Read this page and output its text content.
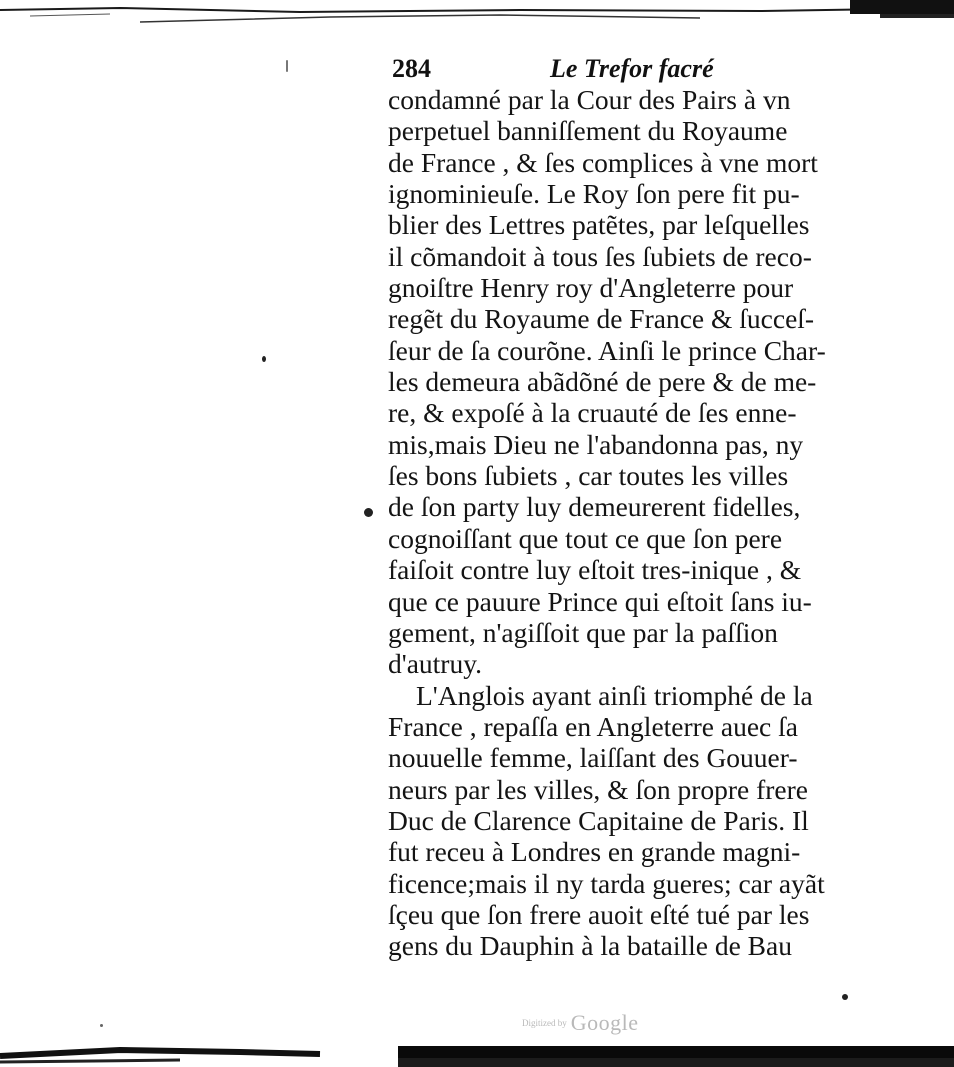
284	Le Trefor facré
condamné par la Cour des Pairs à vn
perpetuel banniſſement du Royaume
de France , & ſes complices à vne mort
ignominieuſe. Le Roy ſon pere fit pu-
blier des Lettres patẽtes, par leſquelles
il cõmandoit à tous ſes ſubiets de reco-
gnoiſtre Henry roy d'Angleterre pour
regẽt du Royaume de France & ſucceſ-
ſeur de ſa courõne. Ainſi le prince Char-
les demeura abãdõné de pere & de me-
re, & expoſé à la cruauté de ſes enne-
mis,mais Dieu ne l'abandonna pas, ny
ſes bons ſubiets , car toutes les villes
de ſon party luy demeurerent fidelles,
cognoiſſant que tout ce que ſon pere
faiſoit contre luy eſtoit tres-inique , &
que ce pauure Prince qui eſtoit ſans iu-
gement, n'agiſſoit que par la paſſion
d'autruy.
L'Anglois ayant ainſi triomphé de la
France , repaſſa en Angleterre auec ſa
nouuelle femme, laiſſant des Gouuer-
neurs par les villes, & ſon propre frere
Duc de Clarence Capitaine de Paris. Il
fut receu à Londres en grande magni-
ficence;mais il ny tarda gueres; car ayãt
ſçeu que ſon frere auoit eſté tué par les
gens du Dauphin à la bataille de Bau
Digitized by Google
